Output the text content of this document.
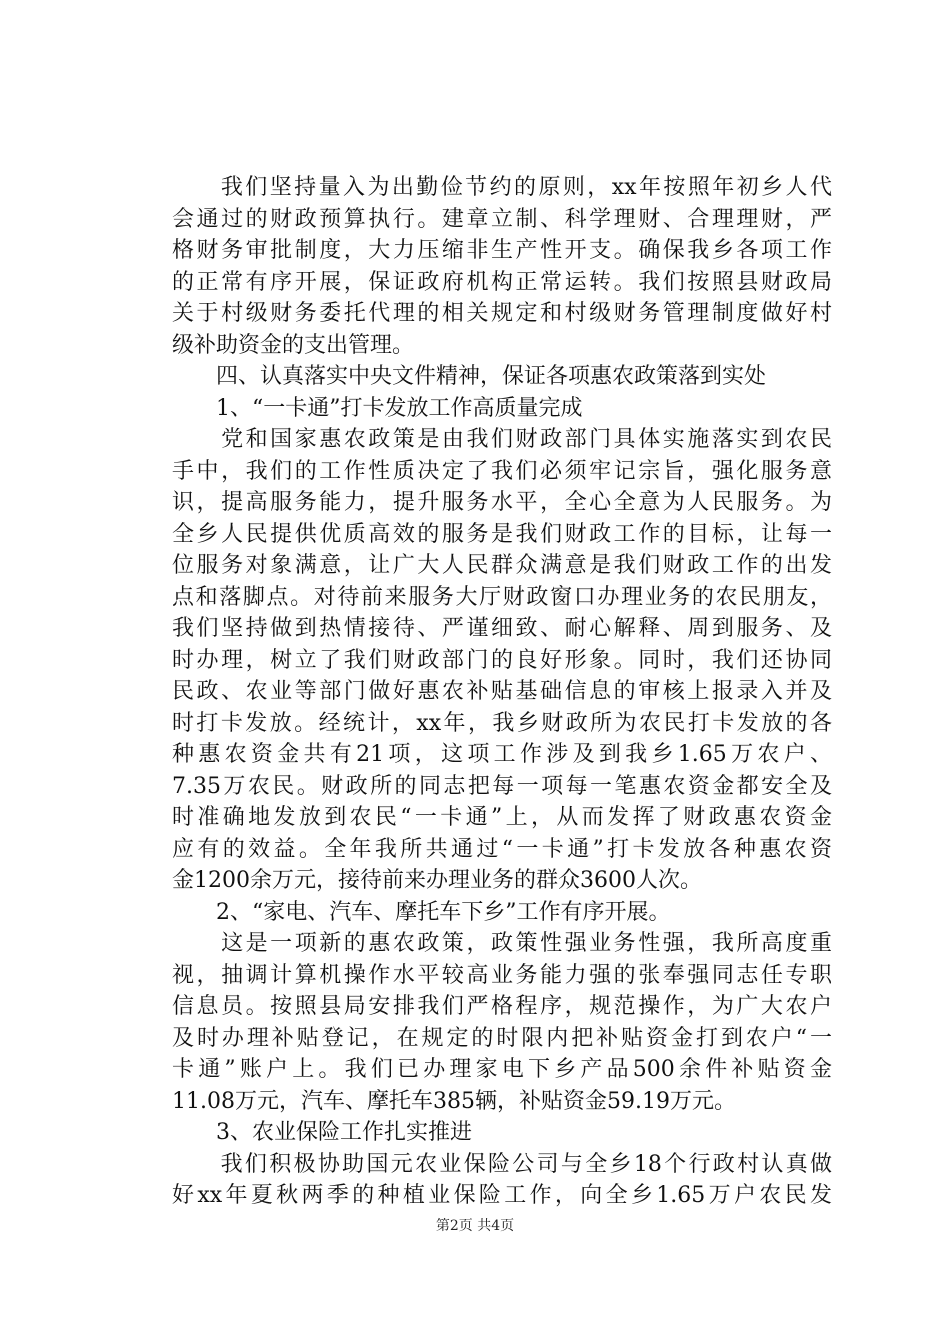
　　我们坚持量入为出勤俭节约的原则，xx年按照年初乡人代
会通过的财政预算执行。建章立制、科学理财、合理理财，严
格财务审批制度，大力压缩非生产性开支。确保我乡各项工作
的正常有序开展，保证政府机构正常运转。我们按照县财政局
关于村级财务委托代理的相关规定和村级财务管理制度做好村
级补助资金的支出管理。
　　四、认真落实中央文件精神，保证各项惠农政策落到实处
　　1、“一卡通”打卡发放工作高质量完成
　　党和国家惠农政策是由我们财政部门具体实施落实到农民
手中，我们的工作性质决定了我们必须牢记宗旨，强化服务意
识，提高服务能力，提升服务水平，全心全意为人民服务。为
全乡人民提供优质高效的服务是我们财政工作的目标，让每一
位服务对象满意，让广大人民群众满意是我们财政工作的出发
点和落脚点。对待前来服务大厅财政窗口办理业务的农民朋友，
我们坚持做到热情接待、严谨细致、耐心解释、周到服务、及
时办理，树立了我们财政部门的良好形象。同时，我们还协同
民政、农业等部门做好惠农补贴基础信息的审核上报录入并及
时打卡发放。经统计，xx年，我乡财政所为农民打卡发放的各
种惠农资金共有21项，这项工作涉及到我乡1.65万农户、
7.35万农民。财政所的同志把每一项每一笔惠农资金都安全及
时准确地发放到农民“一卡通”上，从而发挥了财政惠农资金
应有的效益。全年我所共通过“一卡通”打卡发放各种惠农资
金1200余万元，接待前来办理业务的群众3600人次。
　　2、“家电、汽车、摩托车下乡”工作有序开展。
　　这是一项新的惠农政策，政策性强业务性强，我所高度重
视，抽调计算机操作水平较高业务能力强的张奉强同志任专职
信息员。按照县局安排我们严格程序，规范操作，为广大农户
及时办理补贴登记，在规定的时限内把补贴资金打到农户“一
卡通”账户上。我们已办理家电下乡产品500余件补贴资金
11.08万元，汽车、摩托车385辆，补贴资金59.19万元。
　　3、农业保险工作扎实推进
　　我们积极协助国元农业保险公司与全乡18个行政村认真做
好xx年夏秋两季的种植业保险工作，向全乡1.65万户农民发
第2页 共4页
